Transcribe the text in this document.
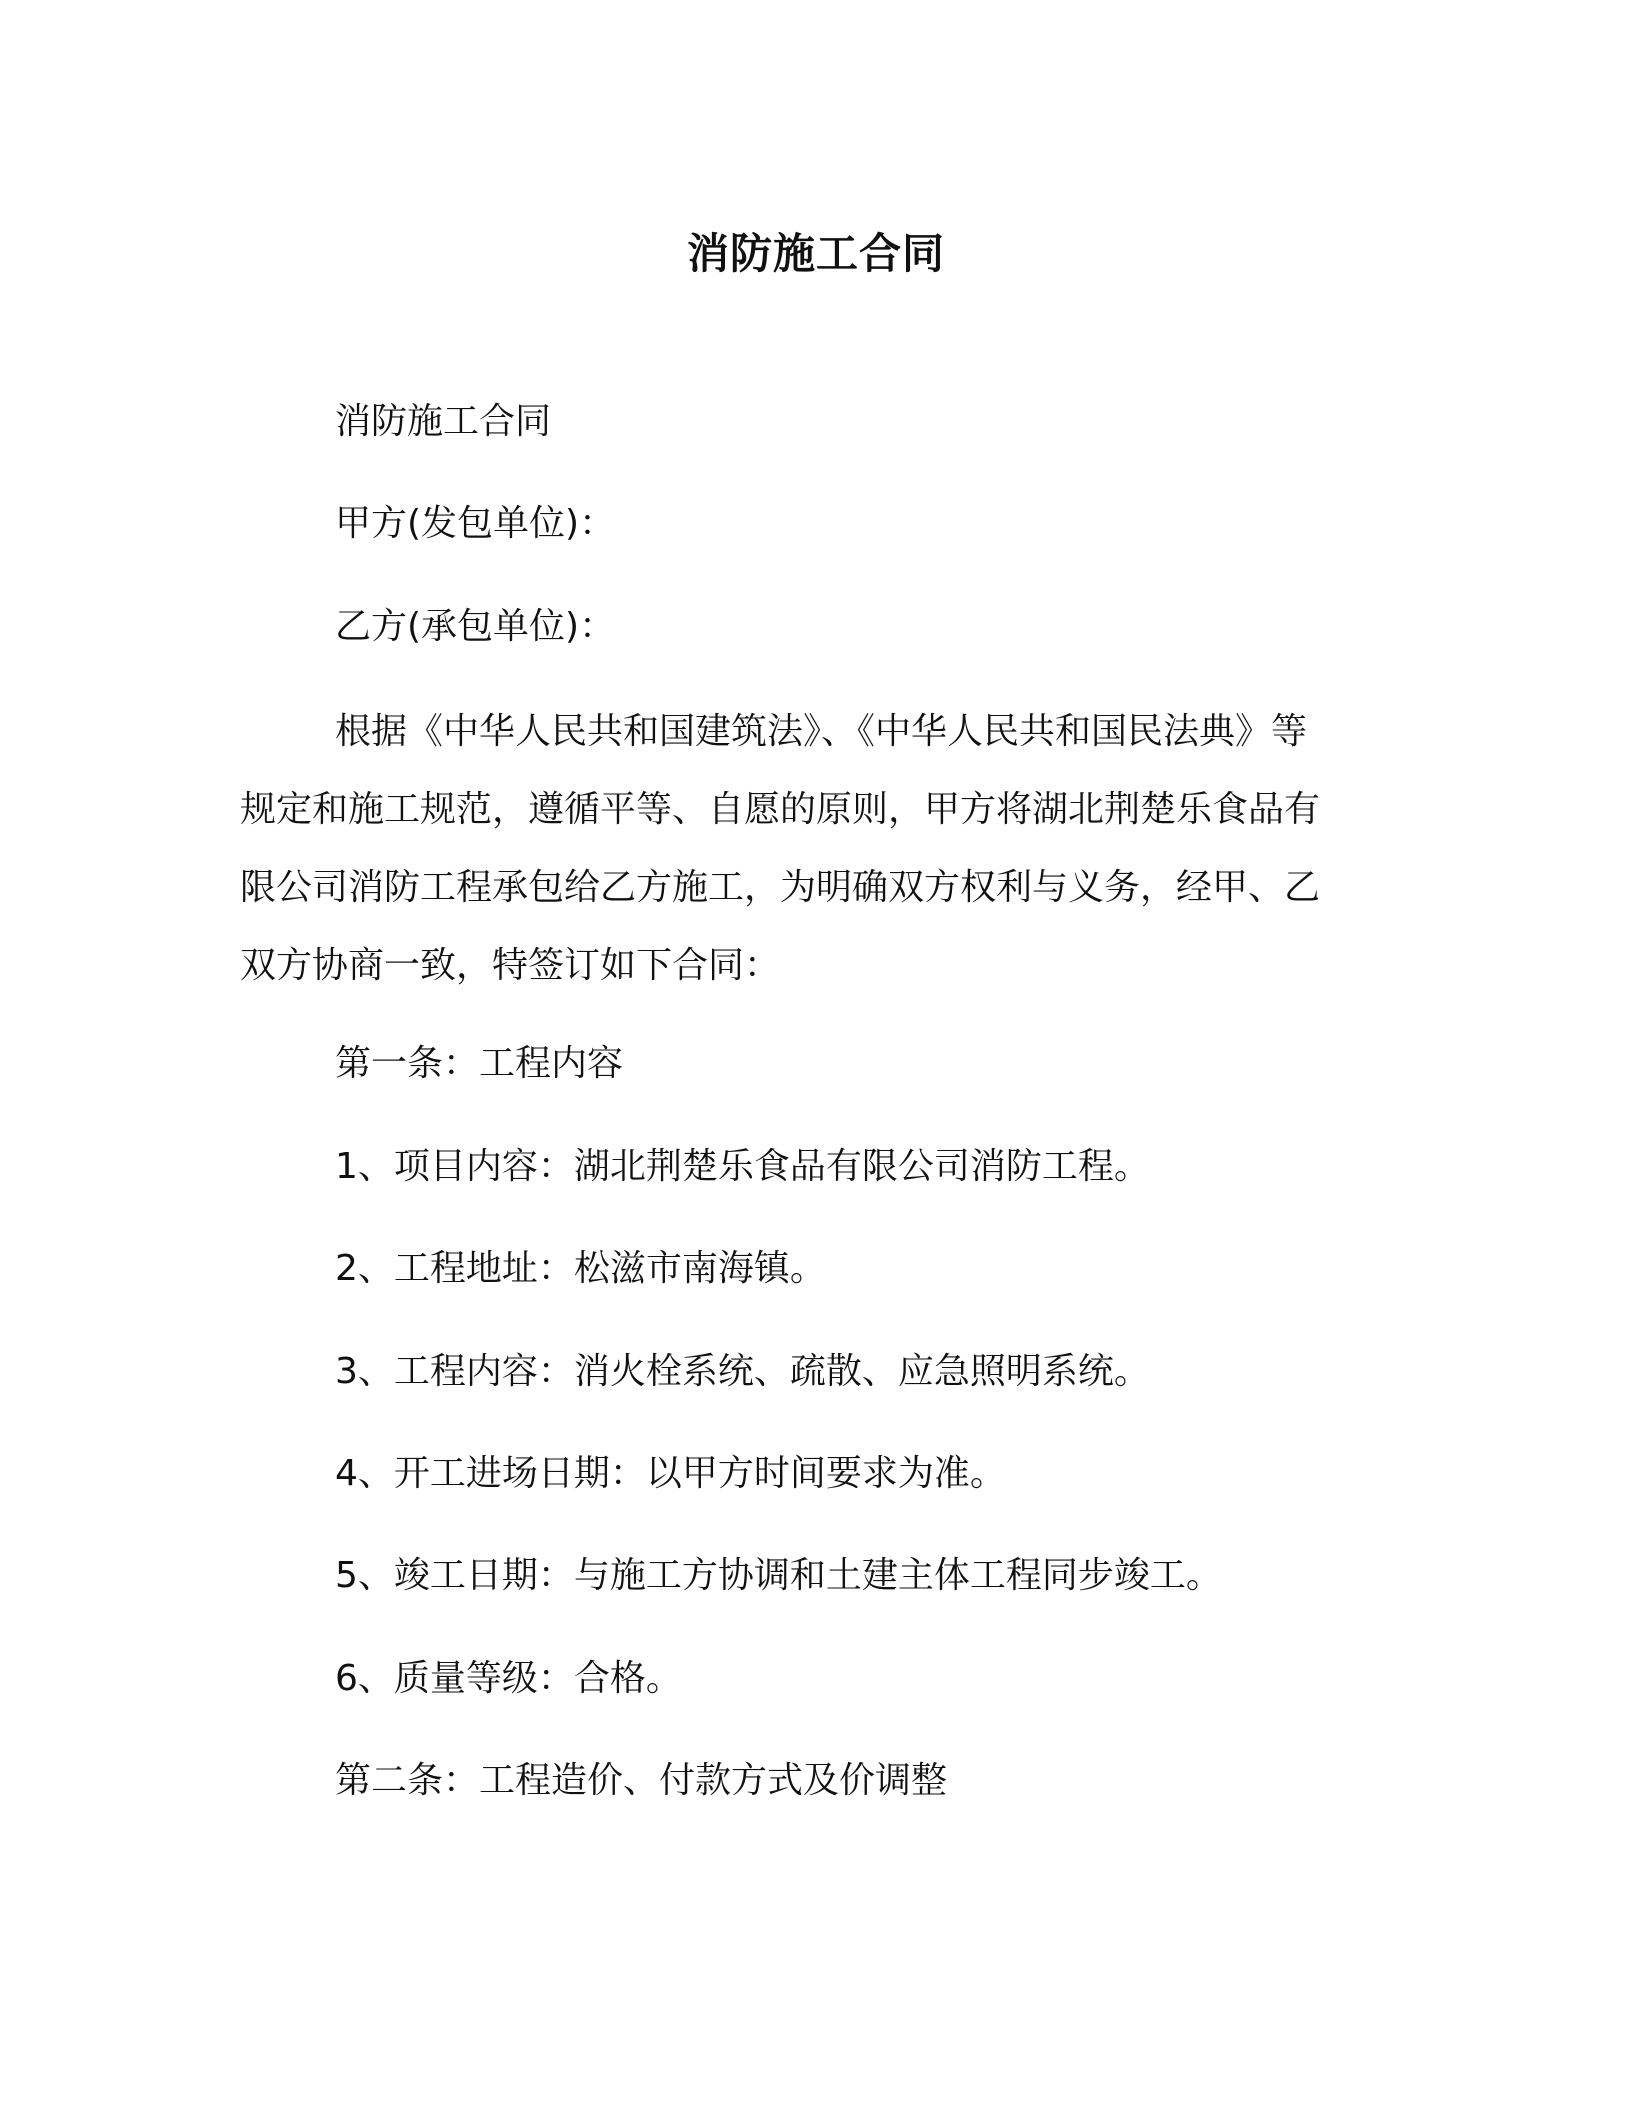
消防施工合同
消防施工合同
甲方(发包单位)：
乙方(承包单位)：
根据《中华人民共和国建筑法》、《中华人民共和国民法典》等
规定和施工规范，遵循平等、自愿的原则，甲方将湖北荆楚乐食品有
限公司消防工程承包给乙方施工，为明确双方权利与义务，经甲、乙
双方协商一致，特签订如下合同：
第一条：工程内容
1、项目内容：湖北荆楚乐食品有限公司消防工程。
2、工程地址：松滋市南海镇。
3、工程内容：消火栓系统、疏散、应急照明系统。
4、开工进场日期：以甲方时间要求为准。
5、竣工日期：与施工方协调和土建主体工程同步竣工。
6、质量等级：合格。
第二条：工程造价、付款方式及价调整
